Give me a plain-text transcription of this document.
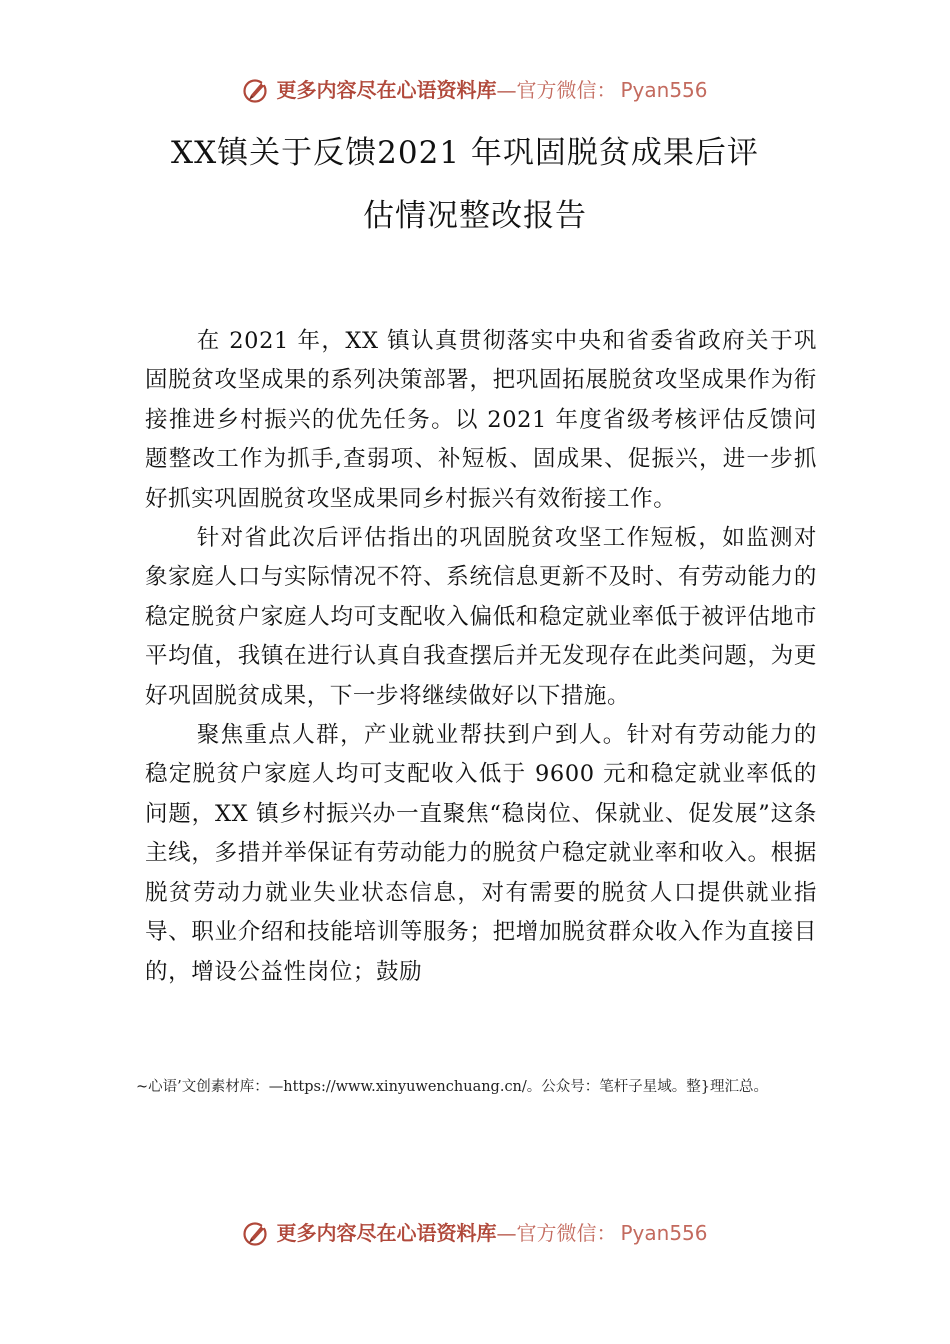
更多内容尽在心语资料库 — 官方微信： Pyan556
XX镇关于反馈2021 年巩固脱贫成果后评
估情况整改报告

在 2021 年，XX 镇认真贯彻落实中央和省委省政府关于巩固脱贫攻坚成果的系列决策部署，把巩固拓展脱贫攻坚成果作为衔接推进乡村振兴的优先任务。以 2021 年度省级考核评估反馈问题整改工作为抓手,查弱项、补短板、固成果、促振兴，进一步抓好抓实巩固脱贫攻坚成果同乡村振兴有效衔接工作。

针对省此次后评估指出的巩固脱贫攻坚工作短板，如监测对象家庭人口与实际情况不符、系统信息更新不及时、有劳动能力的稳定脱贫户家庭人均可支配收入偏低和稳定就业率低于被评估地市平均值，我镇在进行认真自我查摆后并无发现存在此类问题，为更好巩固脱贫成果，下一步将继续做好以下措施。

聚焦重点人群，产业就业帮扶到户到人。针对有劳动能力的稳定脱贫户家庭人均可支配收入低于 9600 元和稳定就业率低的问题，XX 镇乡村振兴办一直聚焦“稳岗位、保就业、促发展”这条主线，多措并举保证有劳动能力的脱贫户稳定就业率和收入。根据脱贫劳动力就业失业状态信息，对有需要的脱贫人口提供就业指导、职业介绍和技能培训等服务；把增加脱贫群众收入作为直接目的，增设公益性岗位；鼓励

~心语’文创素材库：—https://www.xinyuwenchuang.cn/。公众号：笔杆子星域。整}理汇总。
更多内容尽在心语资料库 — 官方微信： Pyan556
